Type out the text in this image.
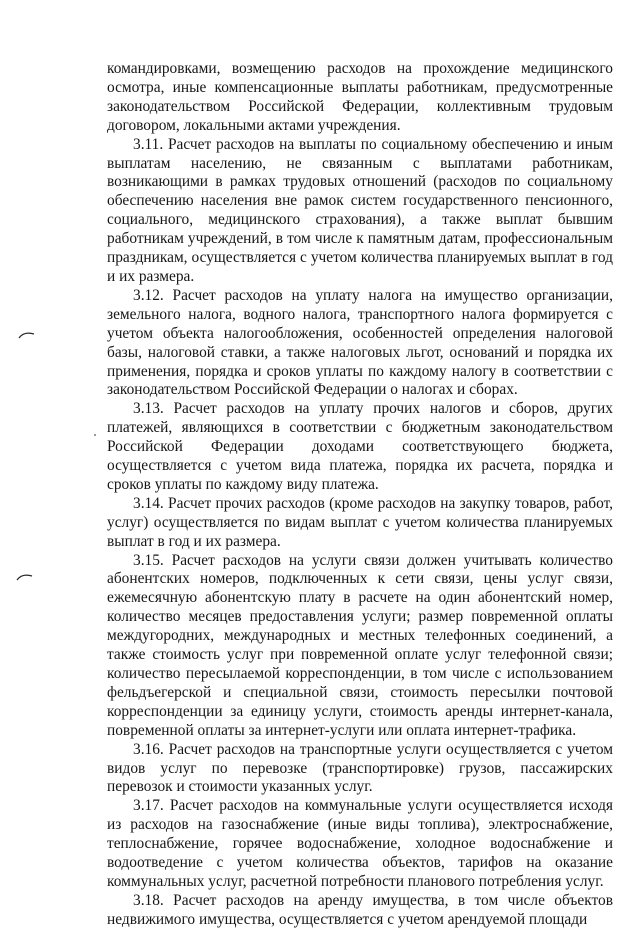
командировками, возмещению расходов на прохождение медицинского осмотра, иные компенсационные выплаты работникам, предусмотренные законодательством Российской Федерации, коллективным трудовым договором, локальными актами учреждения.

3.11. Расчет расходов на выплаты по социальному обеспечению и иным выплатам населению, не связанным с выплатами работникам, возникающими в рамках трудовых отношений (расходов по социальному обеспечению населения вне рамок систем государственного пенсионного, социального, медицинского страхования), а также выплат бывшим работникам учреждений, в том числе к памятным датам, профессиональным праздникам, осуществляется с учетом количества планируемых выплат в год и их размера.

3.12. Расчет расходов на уплату налога на имущество организации, земельного налога, водного налога, транспортного налога формируется с учетом объекта налогообложения, особенностей определения налоговой базы, налоговой ставки, а также налоговых льгот, оснований и порядка их применения, порядка и сроков уплаты по каждому налогу в соответствии с законодательством Российской Федерации о налогах и сборах.

3.13. Расчет расходов на уплату прочих налогов и сборов, других платежей, являющихся в соответствии с бюджетным законодательством Российской Федерации доходами соответствующего бюджета, осуществляется с учетом вида платежа, порядка их расчета, порядка и сроков уплаты по каждому виду платежа.

3.14. Расчет прочих расходов (кроме расходов на закупку товаров, работ, услуг) осуществляется по видам выплат с учетом количества планируемых выплат в год и их размера.

3.15. Расчет расходов на услуги связи должен учитывать количество абонентских номеров, подключенных к сети связи, цены услуг связи, ежемесячную абонентскую плату в расчете на один абонентский номер, количество месяцев предоставления услуги; размер повременной оплаты междугородних, международных и местных телефонных соединений, а также стоимость услуг при повременной оплате услуг телефонной связи; количество пересылаемой корреспонденции, в том числе с использованием фельдъегерской и специальной связи, стоимость пересылки почтовой корреспонденции за единицу услуги, стоимость аренды интернет-канала, повременной оплаты за интернет-услуги или оплата интернет-трафика.

3.16. Расчет расходов на транспортные услуги осуществляется с учетом видов услуг по перевозке (транспортировке) грузов, пассажирских перевозок и стоимости указанных услуг.

3.17. Расчет расходов на коммунальные услуги осуществляется исходя из расходов на газоснабжение (иные виды топлива), электроснабжение, теплоснабжение, горячее водоснабжение, холодное водоснабжение и водоотведение с учетом количества объектов, тарифов на оказание коммунальных услуг, расчетной потребности планового потребления услуг.

3.18. Расчет расходов на аренду имущества, в том числе объектов недвижимого имущества, осуществляется с учетом арендуемой площади
